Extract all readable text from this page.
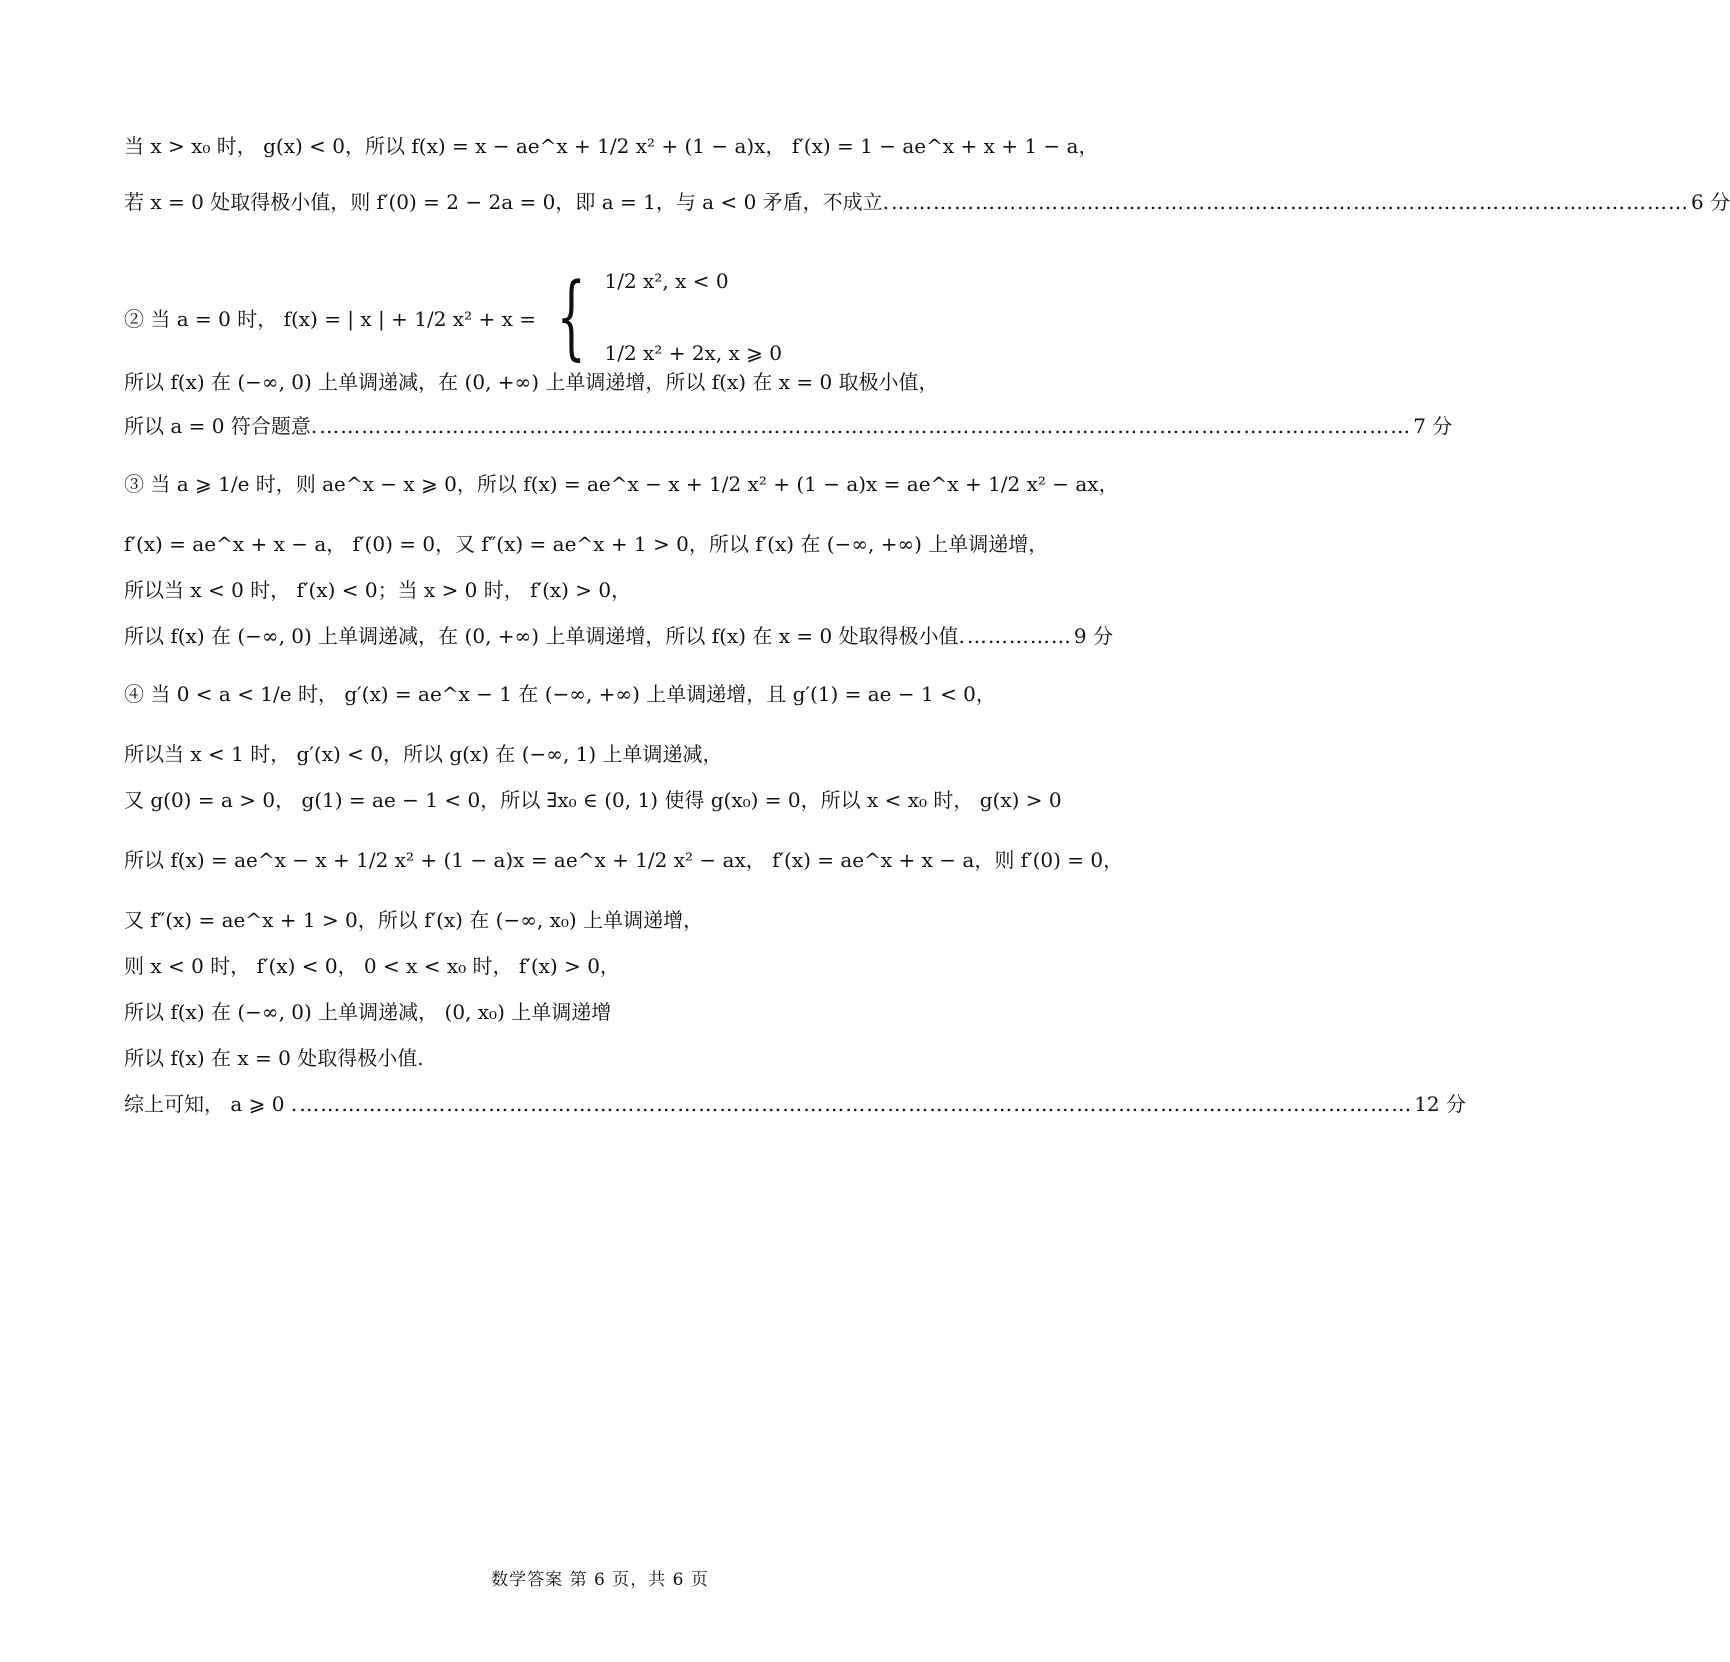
当 x > x₀ 时， g(x) < 0，所以 f(x) = x − ae^x + 1/2 x² + (1 − a)x， f′(x) = 1 − ae^x + x + 1 − a，
若 x = 0 处取得极小值，则 f′(0) = 2 − 2a = 0，即 a = 1，与 a < 0 矛盾，不成立. …………………………………………………………………………………………………… 6 分
② 当 a = 0 时， f(x) = | x | + 1/2 x² + x = { 1/2 x², x < 0
1/2 x² + 2x, x ⩾ 0
所以 f(x) 在 (−∞, 0) 上单调递减，在 (0, +∞) 上单调递增，所以 f(x) 在 x = 0 取极小值，
所以 a = 0 符合题意. ………………………………………………………………………………………………………………………………………… 7 分
③ 当 a ⩾ 1/e 时，则 ae^x − x ⩾ 0，所以 f(x) = ae^x − x + 1/2 x² + (1 − a)x = ae^x + 1/2 x² − ax，
f′(x) = ae^x + x − a， f′(0) = 0，又 f″(x) = ae^x + 1 > 0，所以 f′(x) 在 (−∞, +∞) 上单调递增，
所以当 x < 0 时， f′(x) < 0；当 x > 0 时， f′(x) > 0，
所以 f(x) 在 (−∞, 0) 上单调递减，在 (0, +∞) 上单调递增，所以 f(x) 在 x = 0 处取得极小值. …………… 9 分
④ 当 0 < a < 1/e 时， g′(x) = ae^x − 1 在 (−∞, +∞) 上单调递增，且 g′(1) = ae − 1 < 0，
所以当 x < 1 时， g′(x) < 0，所以 g(x) 在 (−∞, 1) 上单调递减，
又 g(0) = a > 0， g(1) = ae − 1 < 0，所以 ∃x₀ ∈ (0, 1) 使得 g(x₀) = 0，所以 x < x₀ 时， g(x) > 0
所以 f(x) = ae^x − x + 1/2 x² + (1 − a)x = ae^x + 1/2 x² − ax， f′(x) = ae^x + x − a，则 f′(0) = 0，
又 f″(x) = ae^x + 1 > 0，所以 f′(x) 在 (−∞, x₀) 上单调递增，
则 x < 0 时， f′(x) < 0， 0 < x < x₀ 时， f′(x) > 0，
所以 f(x) 在 (−∞, 0) 上单调递减， (0, x₀) 上单调递增
所以 f(x) 在 x = 0 处取得极小值.
综上可知， a ⩾ 0 . …………………………………………………………………………………………………………………………………………… 12 分
数学答案 第 6 页，共 6 页
